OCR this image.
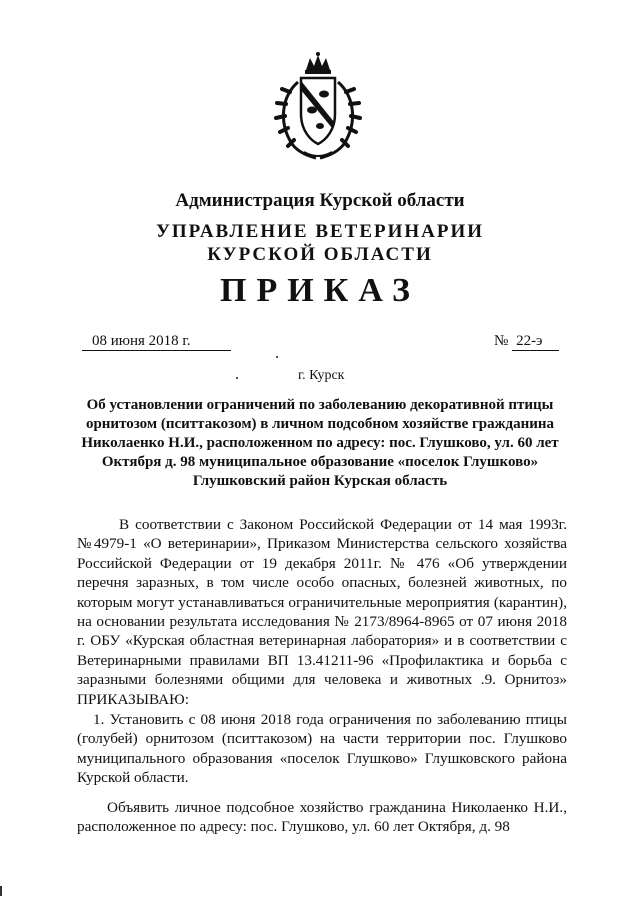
Администрация Курской области
УПРАВЛЕНИЕ ВЕТЕРИНАРИИ
КУРСКОЙ ОБЛАСТИ
ПРИКАЗ
08 июня 2018 г.	№ 22-э
г. Курск
Об установлении ограничений по заболеванию декоративной птицы орнитозом (пситтакозом) в личном подсобном хозяйстве гражданина Николаенко Н.И., расположенном по адресу: пос. Глушково, ул. 60 лет Октября д. 98 муниципальное образование «поселок Глушково» Глушковский район Курская область

В соответствии с Законом Российской Федерации от 14 мая 1993г. №4979-1 «О ветеринарии», Приказом Министерства сельского хозяйства Российской Федерации от 19 декабря 2011г. № 476 «Об утверждении перечня заразных, в том числе особо опасных, болезней животных, по которым могут устанавливаться ограничительные мероприятия (карантин), на основании результата исследования № 2173/8964-8965 от 07 июня 2018 г. ОБУ «Курская областная ветеринарная лаборатория» и в соответствии с Ветеринарными правилами ВП 13.41211-96 «Профилактика и борьба с заразными болезнями общими для человека и животных .9. Орнитоз» ПРИКАЗЫВАЮ:

1. Установить с 08 июня 2018 года ограничения по заболеванию птицы (голубей) орнитозом (пситтакозом) на части территории пос. Глушково муниципального образования «поселок Глушково» Глушковского района Курской области.

Объявить личное подсобное хозяйство гражданина Николаенко Н.И., расположенное по адресу: пос. Глушково, ул. 60 лет Октября, д. 98
